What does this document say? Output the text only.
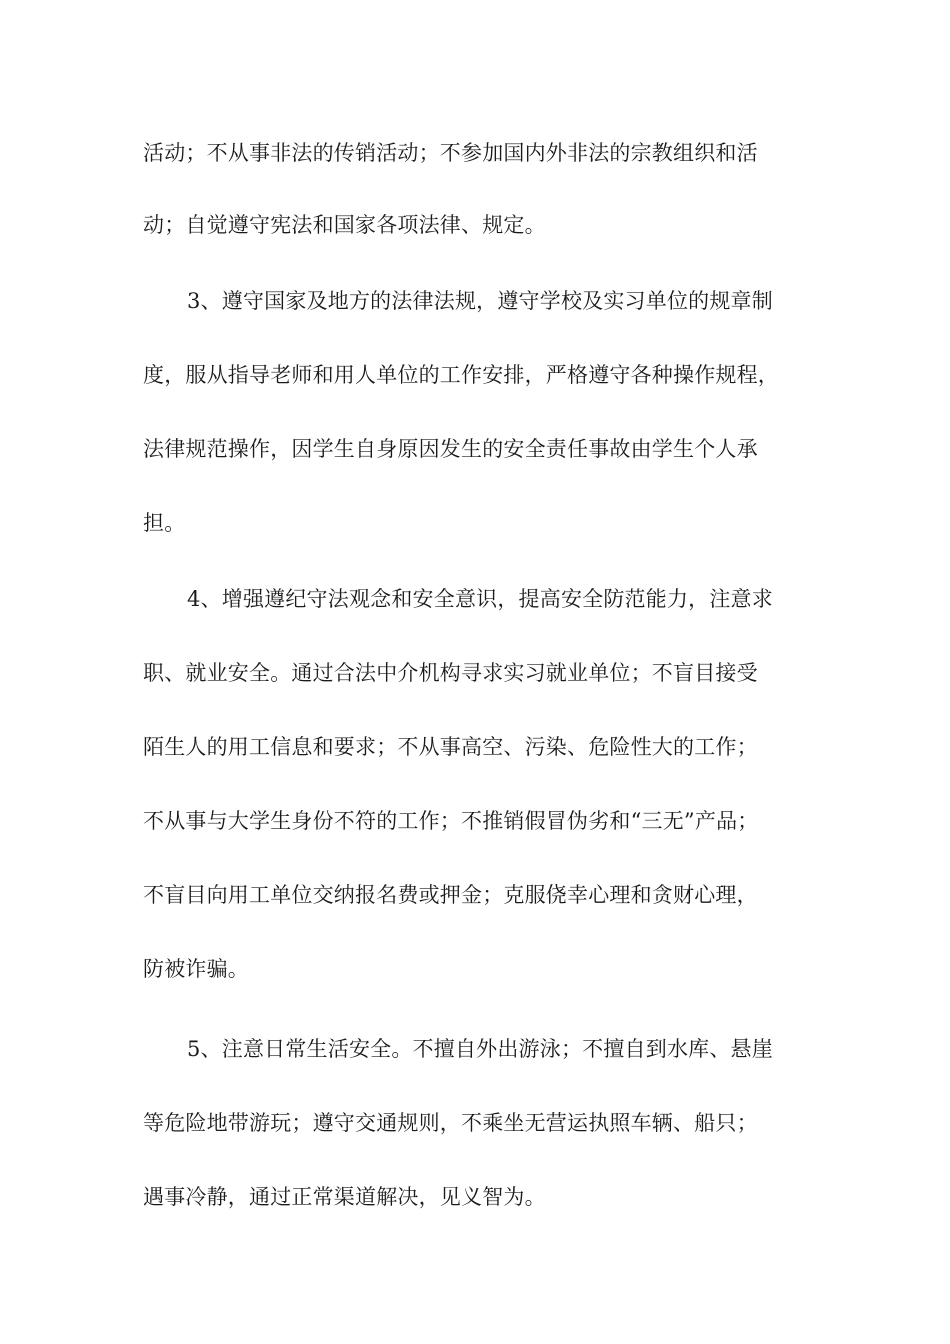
活动；不从事非法的传销活动；不参加国内外非法的宗教组织和活
动；自觉遵守宪法和国家各项法律、规定。
3、遵守国家及地方的法律法规，遵守学校及实习单位的规章制
度，服从指导老师和用人单位的工作安排，严格遵守各种操作规程，
法律规范操作，因学生自身原因发生的安全责任事故由学生个人承
担。
4、增强遵纪守法观念和安全意识，提高安全防范能力，注意求
职、就业安全。通过合法中介机构寻求实习就业单位；不盲目接受
陌生人的用工信息和要求；不从事高空、污染、危险性大的工作；
不从事与大学生身份不符的工作；不推销假冒伪劣和“三无”产品；
不盲目向用工单位交纳报名费或押金；克服侥幸心理和贪财心理，
防被诈骗。
5、注意日常生活安全。不擅自外出游泳；不擅自到水库、悬崖
等危险地带游玩；遵守交通规则，不乘坐无营运执照车辆、船只；
遇事冷静，通过正常渠道解决，见义智为。
